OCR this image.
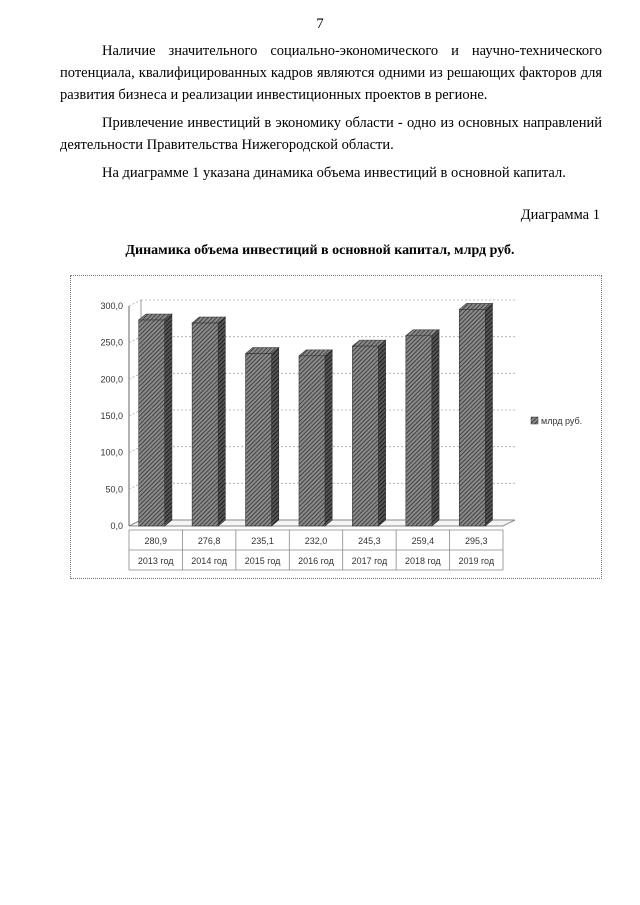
7

Наличие значительного социально-экономического и научно-технического потенциала, квалифицированных кадров являются одними из решающих факторов для развития бизнеса и реализации инвестиционных проектов в регионе.

Привлечение инвестиций в экономику области - одно из основных направлений деятельности Правительства Нижегородской области.

На диаграмме 1 указана динамика объема инвестиций в основной капитал.

Диаграмма 1
Динамика объема инвестиций в основной капитал, млрд руб.
0,0
50,0
100,0
150,0
200,0
250,0
300,0
280,9
2013 год
276,8
2014 год
235,1
2015 год
232,0
2016 год
245,3
2017 год
259,4
2018 год
295,3
2019 год
млрд руб.
